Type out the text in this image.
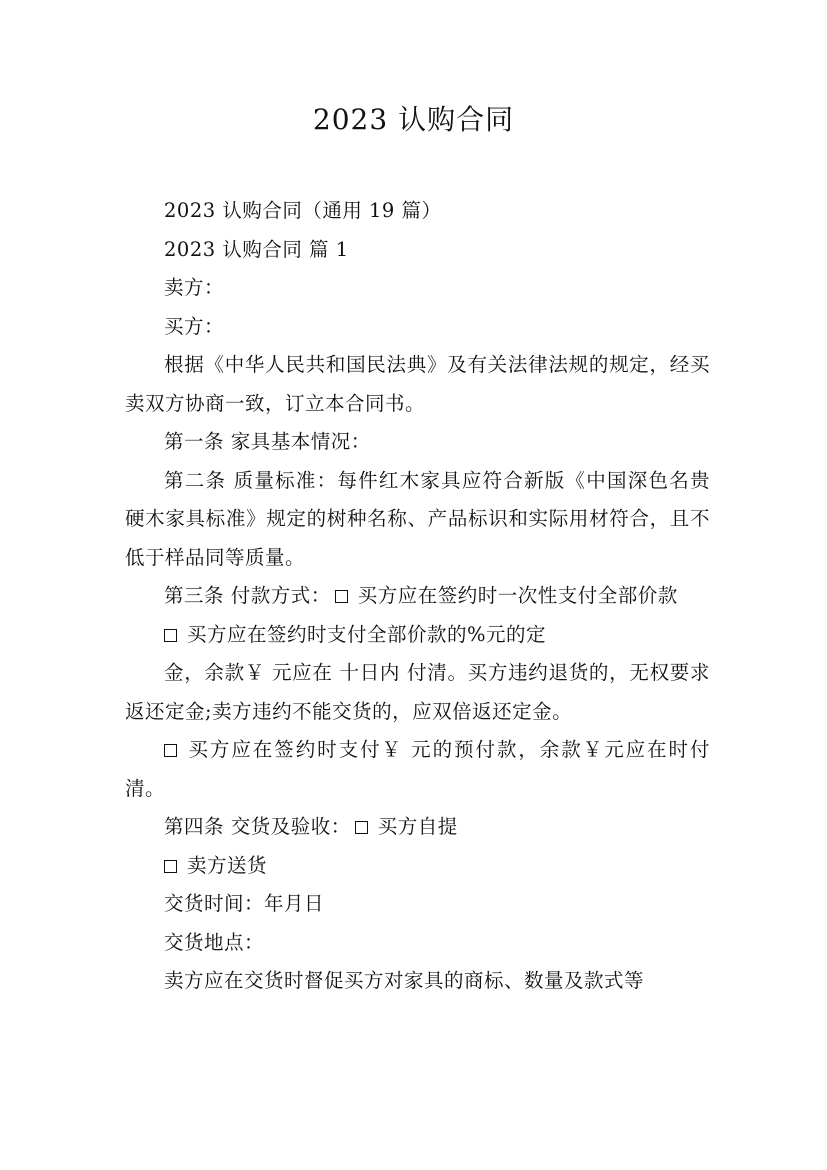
2023 认购合同

2023 认购合同（通用 19 篇）

2023 认购合同 篇 1

卖方：

买方：

根据《中华人民共和国民法典》及有关法律法规的规定，经买卖双方协商一致，订立本合同书。

第一条 家具基本情况：

第二条 质量标准：每件红木家具应符合新版《中国深色名贵硬木家具标准》规定的树种名称、产品标识和实际用材符合，且不低于样品同等质量。

第三条 付款方式： 买方应在签约时一次性支付全部价款

买方应在签约时支付全部价款的%元的定

金，余款￥ 元应在 十日内 付清。买方违约退货的，无权要求返还定金;卖方违约不能交货的，应双倍返还定金。

买方应在签约时支付￥ 元的预付款，余款￥元应在时付清。

第四条 交货及验收： 买方自提

卖方送货

交货时间：年月日

交货地点：

卖方应在交货时督促买方对家具的商标、数量及款式等
